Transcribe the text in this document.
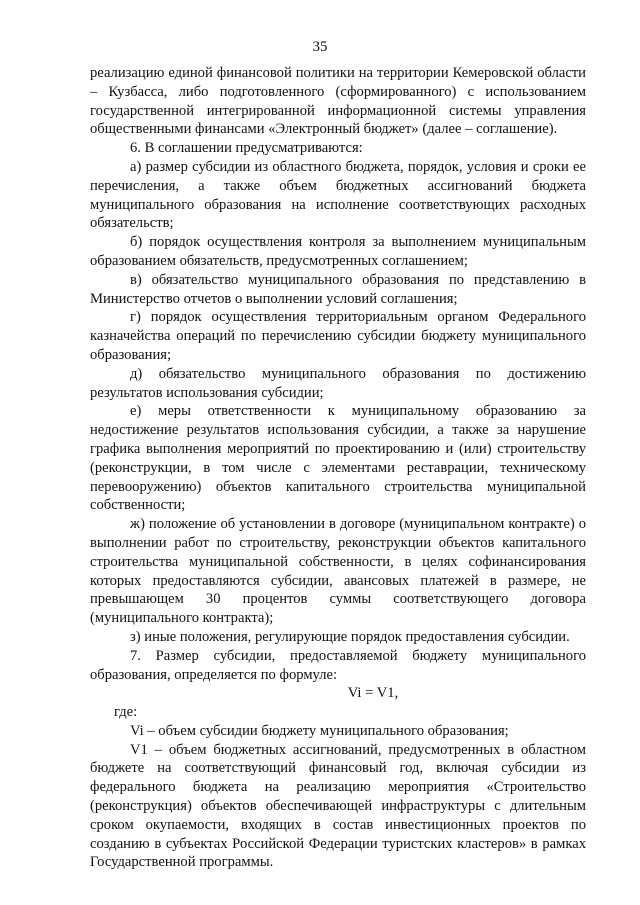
35

реализацию единой финансовой политики на территории Кемеровской области – Кузбасса, либо подготовленного (сформированного) с использованием государственной интегрированной информационной системы управления общественными финансами «Электронный бюджет» (далее – соглашение).

6. В соглашении предусматриваются:

а) размер субсидии из областного бюджета, порядок, условия и сроки ее перечисления, а также объем бюджетных ассигнований бюджета муниципального образования на исполнение соответствующих расходных обязательств;

б) порядок осуществления контроля за выполнением муниципальным образованием обязательств, предусмотренных соглашением;

в) обязательство муниципального образования по представлению в Министерство отчетов о выполнении условий соглашения;

г) порядок осуществления территориальным органом Федерального казначейства операций по перечислению субсидии бюджету муниципального образования;

д) обязательство муниципального образования по достижению результатов использования субсидии;

е) меры ответственности к муниципальному образованию за недостижение результатов использования субсидии, а также за нарушение графика выполнения мероприятий по проектированию и (или) строительству (реконструкции, в том числе с элементами реставрации, техническому перевооружению) объектов капитального строительства муниципальной собственности;

ж) положение об установлении в договоре (муниципальном контракте) о выполнении работ по строительству, реконструкции объектов капитального строительства муниципальной собственности, в целях софинансирования которых предоставляются субсидии, авансовых платежей в размере, не превышающем 30 процентов суммы соответствующего договора (муниципального контракта);

з) иные положения, регулирующие порядок предоставления субсидии.

7. Размер субсидии, предоставляемой бюджету муниципального образования, определяется по формуле:

Vi = V1,

где:

Vi – объем субсидии бюджету муниципального образования;

V1 – объем бюджетных ассигнований, предусмотренных в областном бюджете на соответствующий финансовый год, включая субсидии из федерального бюджета на реализацию мероприятия «Строительство (реконструкция) объектов обеспечивающей инфраструктуры с длительным сроком окупаемости, входящих в состав инвестиционных проектов по созданию в субъектах Российской Федерации туристских кластеров» в рамках Государственной программы.
